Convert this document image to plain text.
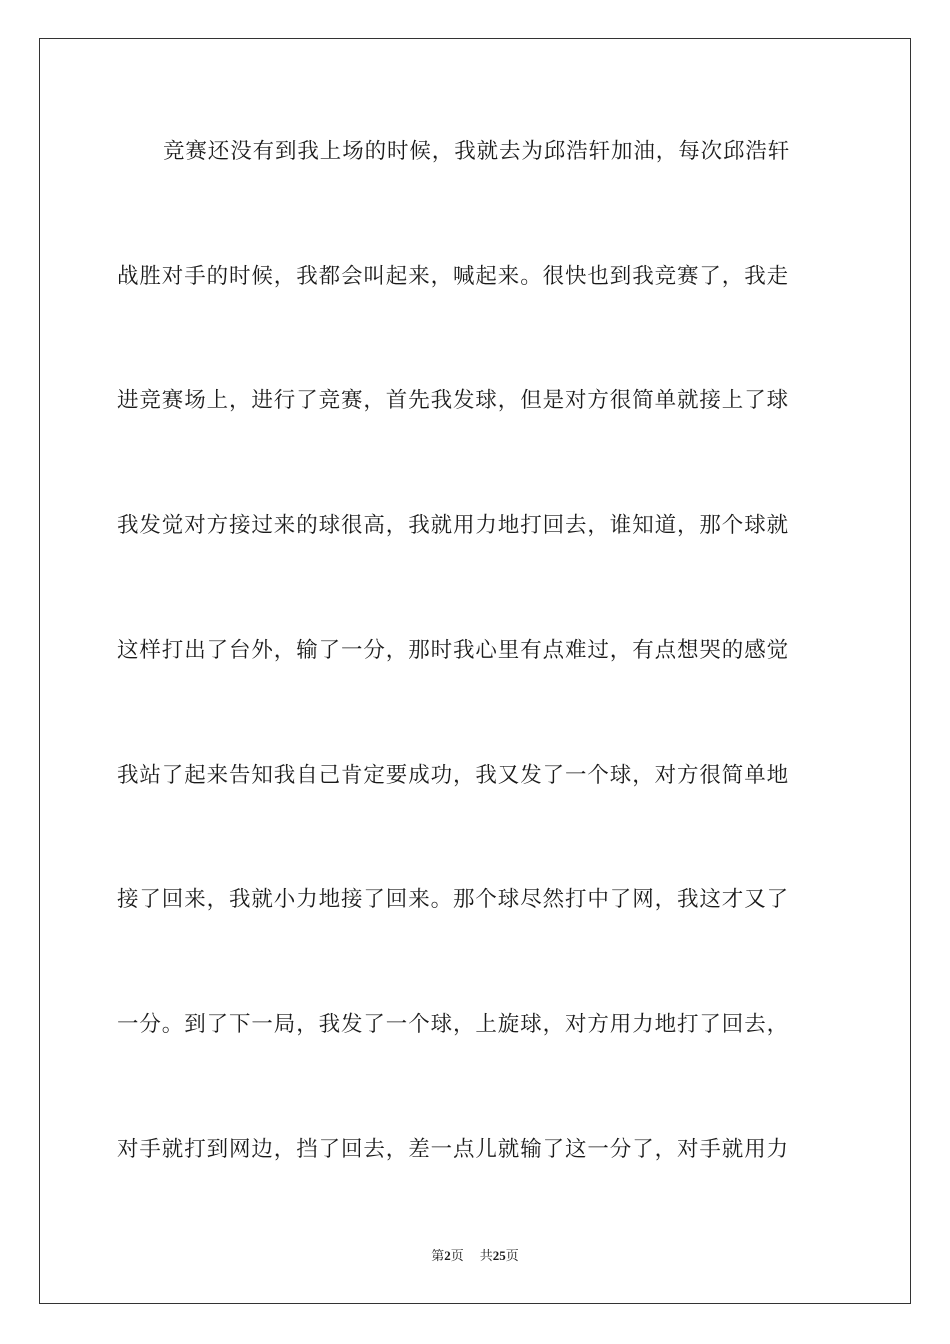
竞赛还没有到我上场的时候，我就去为邱浩轩加油，每次邱浩轩
战胜对手的时候，我都会叫起来，喊起来。很快也到我竞赛了，我走
进竞赛场上，进行了竞赛，首先我发球，但是对方很简单就接上了球
我发觉对方接过来的球很高，我就用力地打回去，谁知道，那个球就
这样打出了台外，输了一分，那时我心里有点难过，有点想哭的感觉
我站了起来告知我自己肯定要成功，我又发了一个球，对方很简单地
接了回来，我就小力地接了回来。那个球尽然打中了网，我这才又了
一分。到了下一局，我发了一个球，上旋球，对方用力地打了回去，
对手就打到网边，挡了回去，差一点儿就输了这一分了，对手就用力
第2页 共25页
